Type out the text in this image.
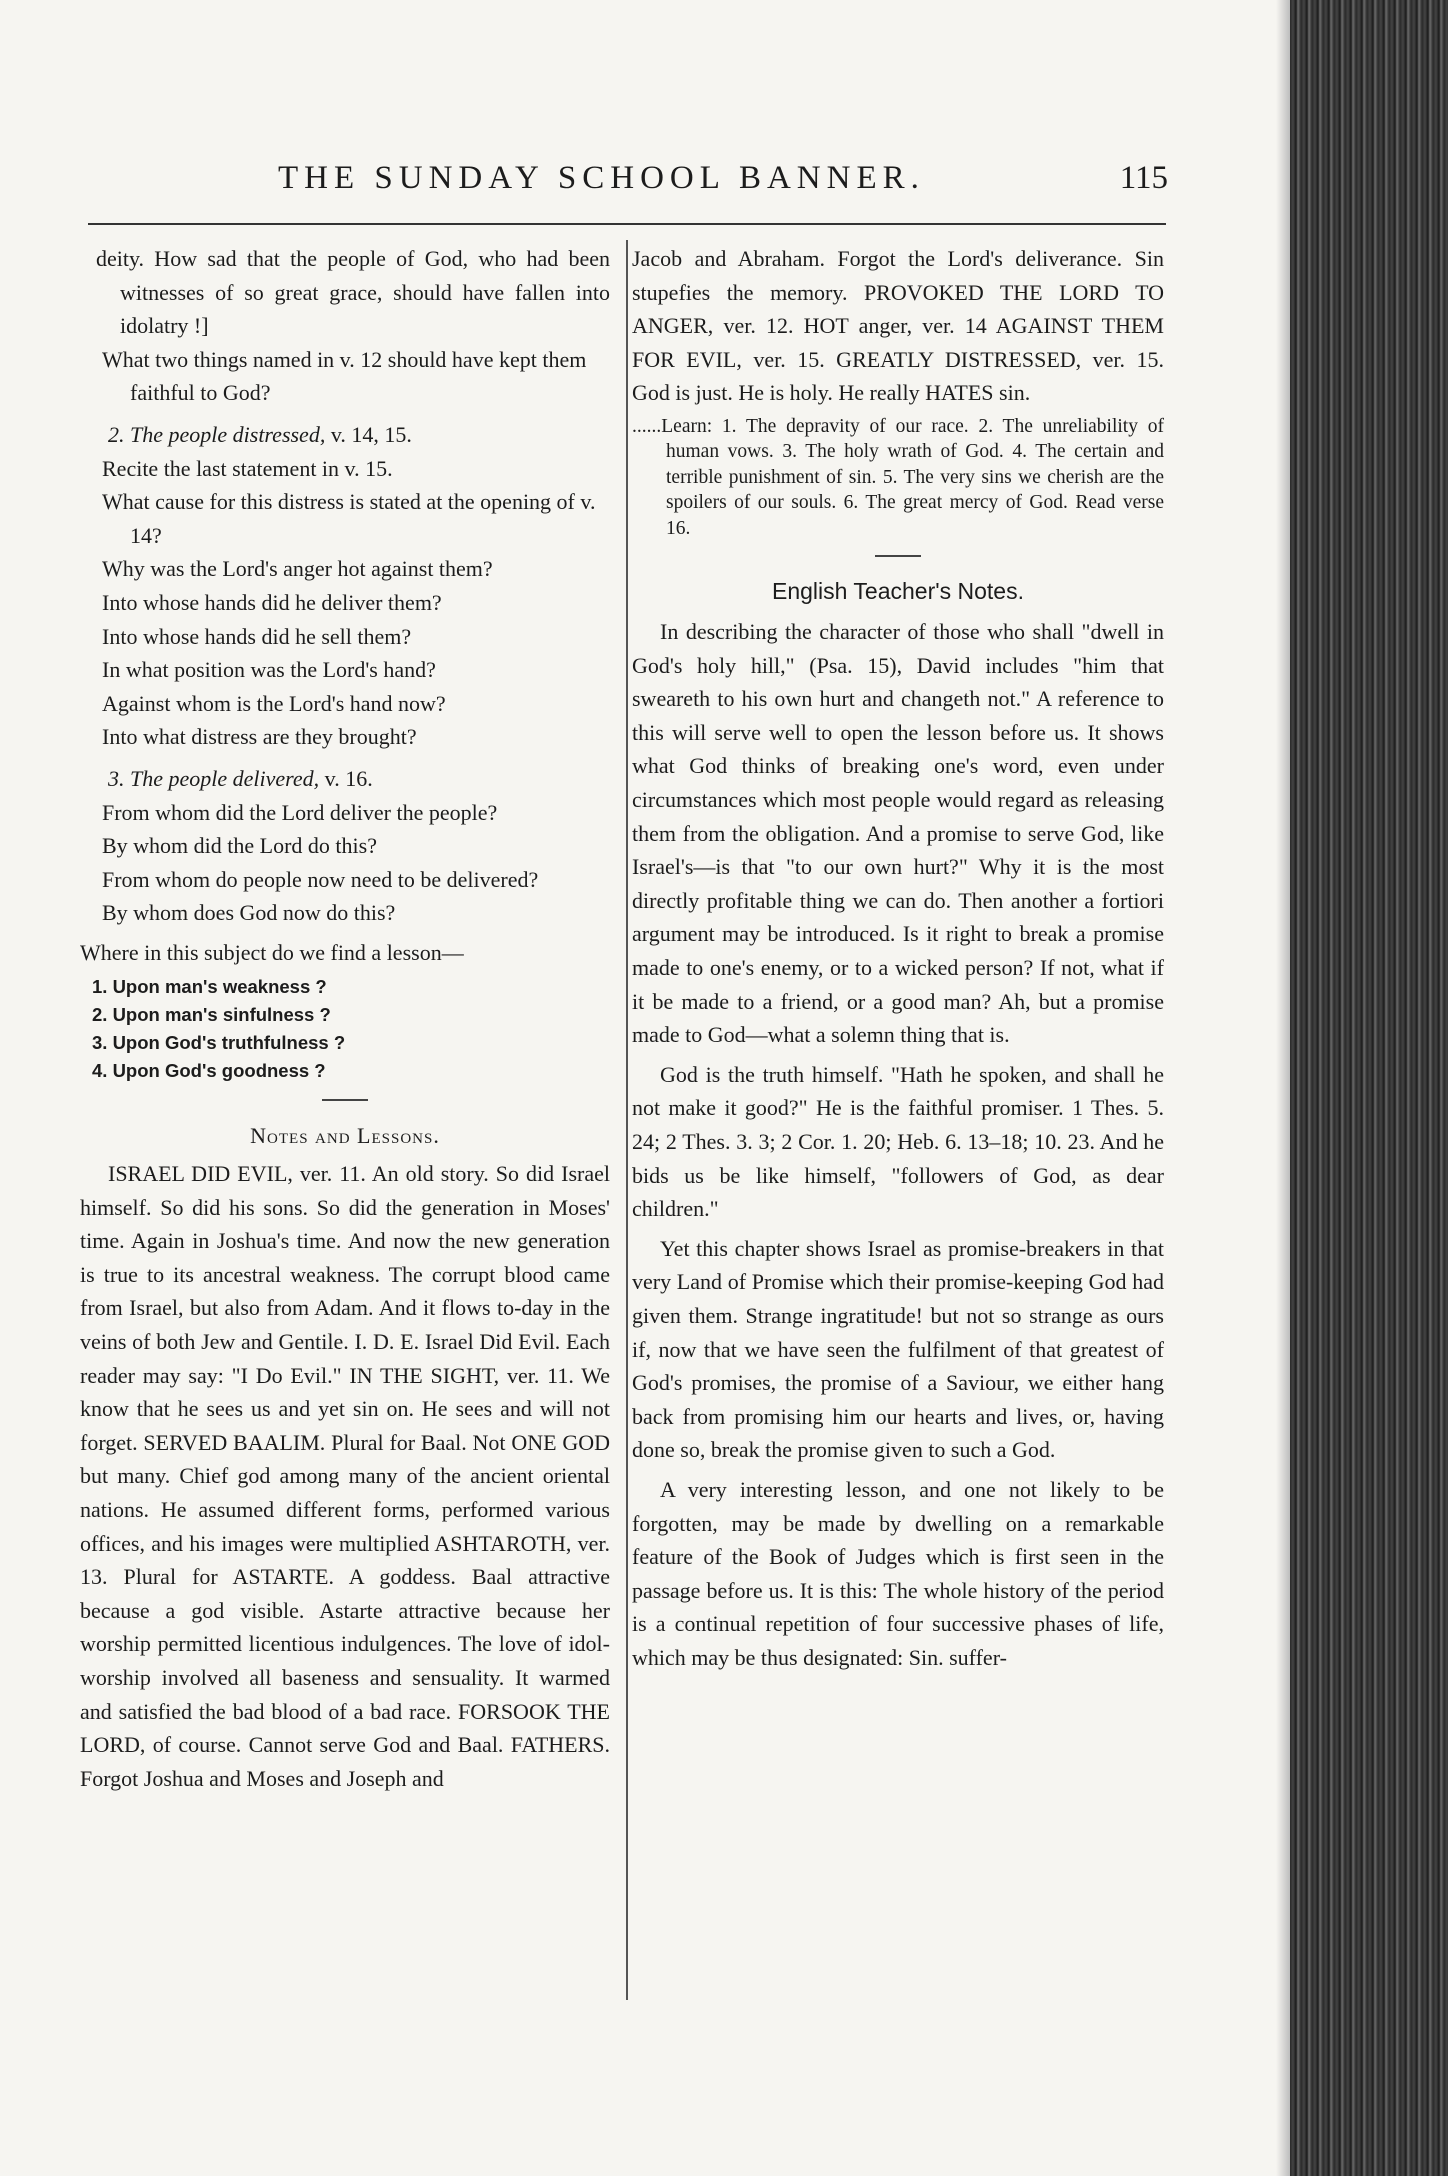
THE SUNDAY SCHOOL BANNER.	115

deity. How sad that the people of God, who had been witnesses of so great grace, should have fallen into idolatry !]

What two things named in v. 12 should have kept them faithful to God?

2. The people distressed, v. 14, 15.

Recite the last statement in v. 15.

What cause for this distress is stated at the opening of v. 14?

Why was the Lord's anger hot against them?

Into whose hands did he deliver them?

Into whose hands did he sell them?

In what position was the Lord's hand?

Against whom is the Lord's hand now?

Into what distress are they brought?

3. The people delivered, v. 16.

From whom did the Lord deliver the people?

By whom did the Lord do this?

From whom do people now need to be delivered?

By whom does God now do this?

Where in this subject do we find a lesson—

1. Upon man's weakness ?
2. Upon man's sinfulness ?
3. Upon God's truthfulness ?
4. Upon God's goodness ?
Notes and Lessons.

ISRAEL DID EVIL, ver. 11. An old story. So did Israel himself. So did his sons. So did the generation in Moses' time. Again in Joshua's time. And now the new generation is true to its ancestral weakness. The corrupt blood came from Israel, but also from Adam. And it flows to-day in the veins of both Jew and Gentile. I. D. E. Israel Did Evil. Each reader may say: "I Do Evil." IN THE SIGHT, ver. 11. We know that he sees us and yet sin on. He sees and will not forget. SERVED BAALIM. Plural for Baal. Not ONE GOD but many. Chief god among many of the ancient oriental nations. He assumed different forms, performed various offices, and his images were multiplied ASHTAROTH, ver. 13. Plural for ASTARTE. A goddess. Baal attractive because a god visible. Astarte attractive because her worship permitted licentious indulgences. The love of idol-worship involved all baseness and sensuality. It warmed and satisfied the bad blood of a bad race. FORSOOK THE LORD, of course. Cannot serve God and Baal. FATHERS. Forgot Joshua and Moses and Joseph and

Jacob and Abraham. Forgot the Lord's deliverance. Sin stupefies the memory. PROVOKED THE LORD TO ANGER, ver. 12. HOT anger, ver. 14 AGAINST THEM FOR EVIL, ver. 15. GREATLY DISTRESSED, ver. 15. God is just. He is holy. He really HATES sin.

......Learn: 1. The depravity of our race. 2. The unreliability of human vows. 3. The holy wrath of God. 4. The certain and terrible punishment of sin. 5. The very sins we cherish are the spoilers of our souls. 6. The great mercy of God. Read verse 16.

English Teacher's Notes.

In describing the character of those who shall "dwell in God's holy hill," (Psa. 15), David includes "him that sweareth to his own hurt and changeth not." A reference to this will serve well to open the lesson before us. It shows what God thinks of breaking one's word, even under circumstances which most people would regard as releasing them from the obligation. And a promise to serve God, like Israel's—is that "to our own hurt?" Why it is the most directly profitable thing we can do. Then another a fortiori argument may be introduced. Is it right to break a promise made to one's enemy, or to a wicked person? If not, what if it be made to a friend, or a good man? Ah, but a promise made to God—what a solemn thing that is.

God is the truth himself. "Hath he spoken, and shall he not make it good?" He is the faithful promiser. 1 Thes. 5. 24; 2 Thes. 3. 3; 2 Cor. 1. 20; Heb. 6. 13–18; 10. 23. And he bids us be like himself, "followers of God, as dear children."

Yet this chapter shows Israel as promise-breakers in that very Land of Promise which their promise-keeping God had given them. Strange ingratitude! but not so strange as ours if, now that we have seen the fulfilment of that greatest of God's promises, the promise of a Saviour, we either hang back from promising him our hearts and lives, or, having done so, break the promise given to such a God.

A very interesting lesson, and one not likely to be forgotten, may be made by dwelling on a remarkable feature of the Book of Judges which is first seen in the passage before us. It is this: The whole history of the period is a continual repetition of four successive phases of life, which may be thus designated: Sin. suffer-
